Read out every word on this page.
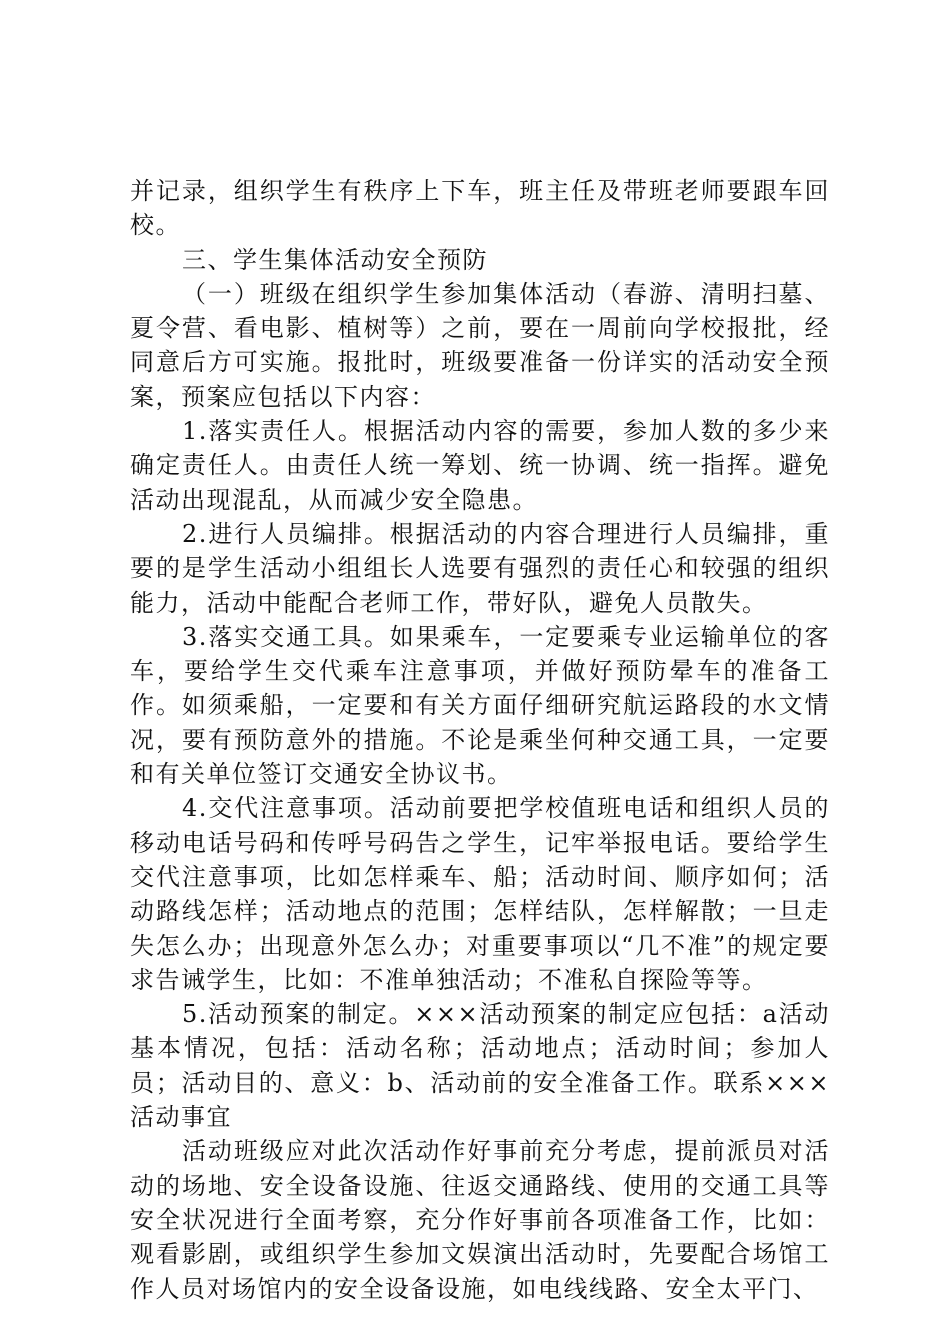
并记录，组织学生有秩序上下车，班主任及带班老师要跟车回校。

三、学生集体活动安全预防

（一）班级在组织学生参加集体活动（春游、清明扫墓、夏令营、看电影、植树等）之前，要在一周前向学校报批，经同意后方可实施。报批时，班级要准备一份详实的活动安全预案，预案应包括以下内容：

1.落实责任人。根据活动内容的需要，参加人数的多少来确定责任人。由责任人统一筹划、统一协调、统一指挥。避免活动出现混乱，从而减少安全隐患。

2.进行人员编排。根据活动的内容合理进行人员编排，重要的是学生活动小组组长人选要有强烈的责任心和较强的组织能力，活动中能配合老师工作，带好队，避免人员散失。

3.落实交通工具。如果乘车，一定要乘专业运输单位的客车，要给学生交代乘车注意事项，并做好预防晕车的准备工作。如须乘船，一定要和有关方面仔细研究航运路段的水文情况，要有预防意外的措施。不论是乘坐何种交通工具，一定要和有关单位签订交通安全协议书。

4.交代注意事项。活动前要把学校值班电话和组织人员的移动电话号码和传呼号码告之学生，记牢举报电话。要给学生交代注意事项，比如怎样乘车、船；活动时间、顺序如何；活动路线怎样；活动地点的范围；怎样结队，怎样解散；一旦走失怎么办；出现意外怎么办；对重要事项以“几不准”的规定要求告诫学生，比如：不准单独活动；不准私自探险等等。

5.活动预案的制定。×××活动预案的制定应包括：a活动基本情况，包括：活动名称；活动地点；活动时间；参加人员；活动目的、意义：b、活动前的安全准备工作。联系×××活动事宜

活动班级应对此次活动作好事前充分考虑，提前派员对活动的场地、安全设备设施、往返交通路线、使用的交通工具等安全状况进行全面考察，充分作好事前各项准备工作，比如：观看影剧，或组织学生参加文娱演出活动时，先要配合场馆工作人员对场馆内的安全设备设施，如电线线路、安全太平门、
